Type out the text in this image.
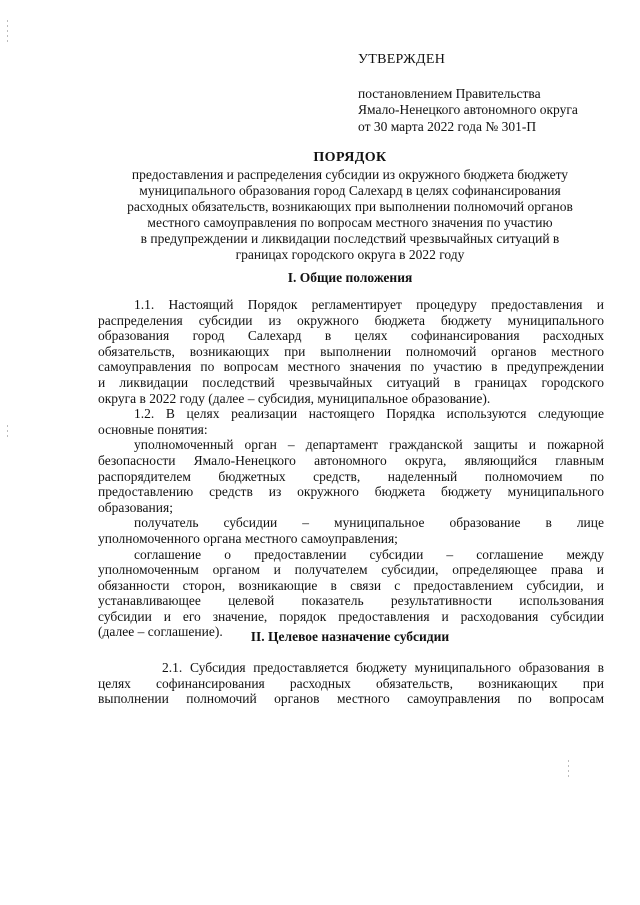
УТВЕРЖДЕН
постановлением Правительства
Ямало-Ненецкого автономного округа
от 30 марта 2022 года № 301-П
ПОРЯДОК
предоставления и распределения субсидии из окружного бюджета бюджету
муниципального образования город Салехард в целях софинансирования
расходных обязательств, возникающих при выполнении полномочий органов
местного самоуправления по вопросам местного значения по участию
в предупреждении и ликвидации последствий чрезвычайных ситуаций в
границах городского округа в 2022 году
I. Общие положения
1.1. Настоящий Порядок регламентирует процедуру предоставления и
распределения субсидии из окружного бюджета бюджету муниципального
образования город Салехард в целях софинансирования расходных
обязательств, возникающих при выполнении полномочий органов местного
самоуправления по вопросам местного значения по участию в предупреждении
и ликвидации последствий чрезвычайных ситуаций в границах городского
округа в 2022 году (далее – субсидия, муниципальное образование).
1.2. В целях реализации настоящего Порядка используются следующие
основные понятия:
уполномоченный орган – департамент гражданской защиты и пожарной
безопасности Ямало-Ненецкого автономного округа, являющийся главным
распорядителем бюджетных средств, наделенный полномочием по
предоставлению средств из окружного бюджета бюджету муниципального
образования;
получатель субсидии – муниципальное образование в лице
уполномоченного органа местного самоуправления;
соглашение о предоставлении субсидии – соглашение между
уполномоченным органом и получателем субсидии, определяющее права и
обязанности сторон, возникающие в связи с предоставлением субсидии, и
устанавливающее целевой показатель результативности использования
субсидии и его значение, порядок предоставления и расходования субсидии
(далее – соглашение).	II. Целевое назначение субсидии
2.1. Субсидия предоставляется бюджету муниципального образования в
целях софинансирования расходных обязательств, возникающих при
выполнении полномочий органов местного самоуправления по вопросам
